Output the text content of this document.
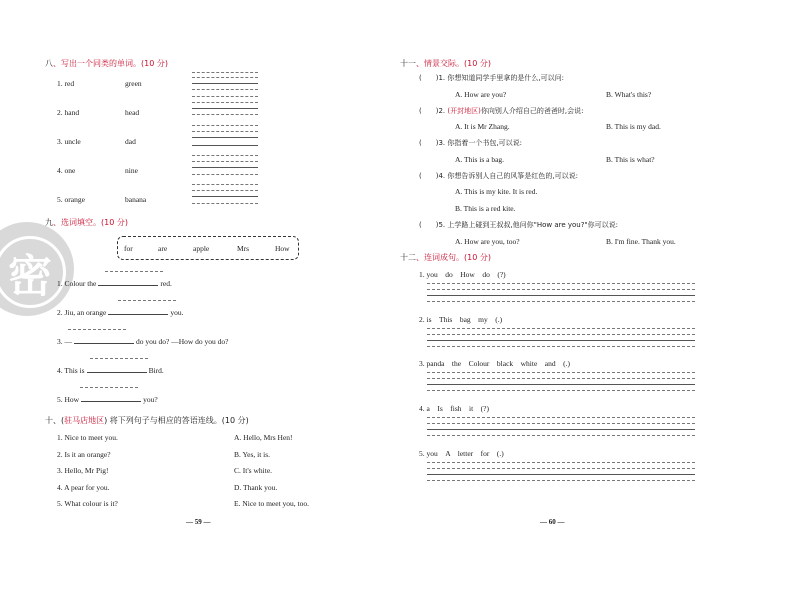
密
八、写出一个同类的单词。(10 分)
1. red	green
2. hand	head
3. uncle	dad
4. one	nine
5. orange	banana
九、选词填空。(10 分)
for	are	apple	Mrs	How
1. Colour the	red.
2. Jiu, an orange	you.
3. —	do you do? —How do you do?
4. This is	Bird.
5. How	you?
十、(驻马店地区) 将下列句子与相应的答语连线。(10 分)
1. Nice to meet you.
2. Is it an orange?
3. Hello, Mr Pig!
4. A pear for you.
5. What colour is it?
A. Hello, Mrs Hen!
B. Yes, it is.
C. It's white.
D. Thank you.
E. Nice to meet you, too.
— 59 —
十一、情景交际。(10 分)
(　　)1. 你想知道同学手里拿的是什么,可以问:
A. How are you?	B. What's this?
(　　)2. (开封地区)你向别人介绍自己的爸爸时,会说:
A. It is Mr Zhang.	B. This is my dad.
(　　)3. 你指着一个书包,可以说:
A. This is a bag.	B. This is what?
(　　)4. 你想告诉别人自己的风筝是红色的,可以说:
A. This is my kite. It is red.
B. This is a red kite.
(　　)5. 上学路上碰到王叔叔,他问你"How are you?"你可以说:
A. How are you, too?	B. I'm fine. Thank you.
十二、连词成句。(10 分)
1. you　do　How　do　(?)
2. is　This　bag　my　(.)
3. panda　the　Colour　black　white　and　(.)
4. a　Is　fish　it　(?)
5. you　A　letter　for　(.)
— 60 —
